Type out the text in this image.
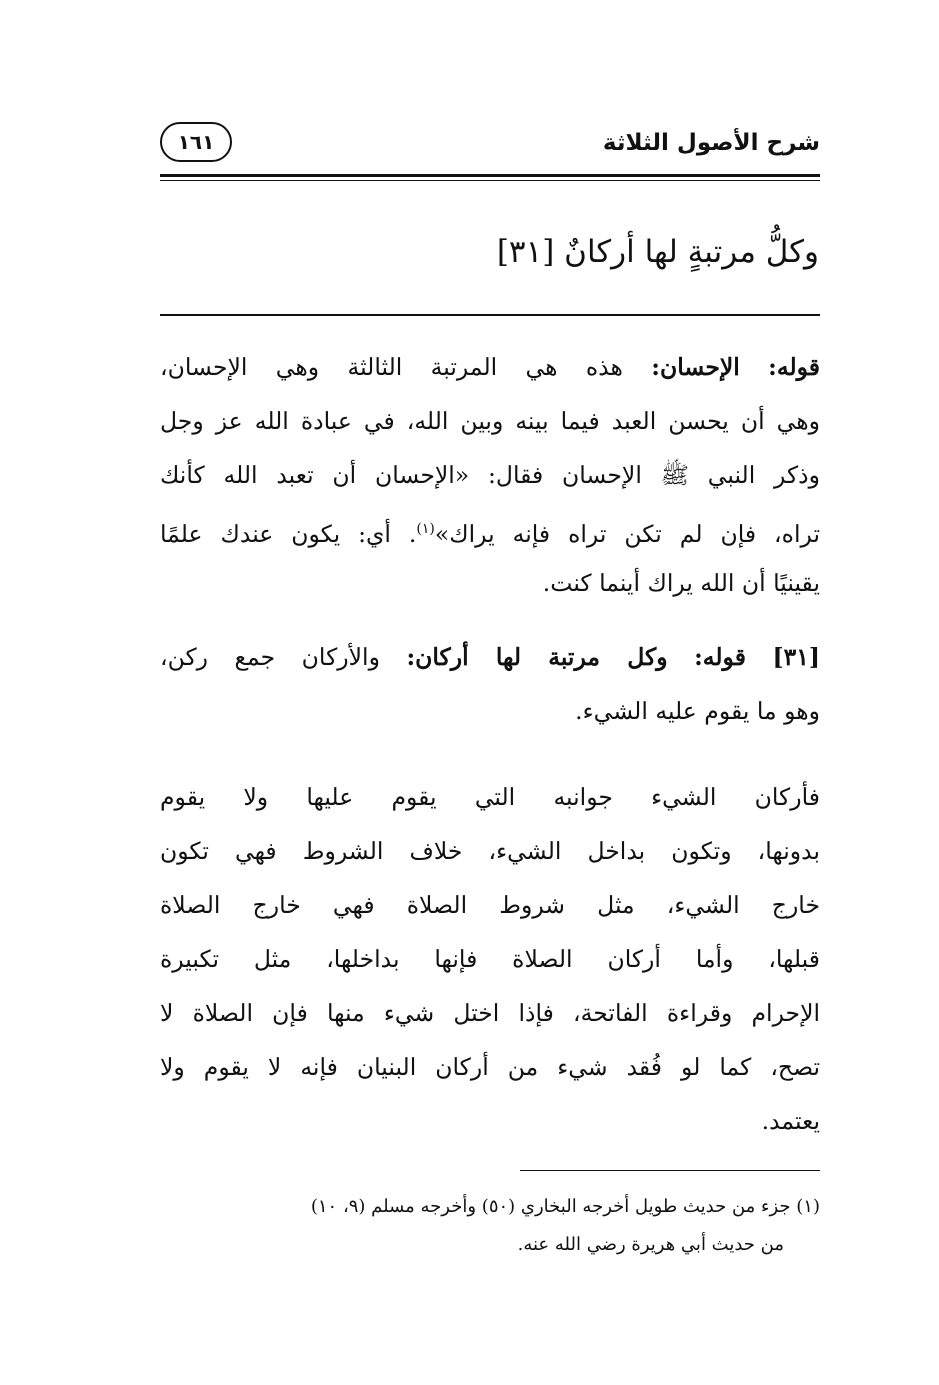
شرح الأصول الثلاثة
١٦١
وكلُّ مرتبةٍ لها أركانٌ [٣١]
قوله: الإحسان: هذه هي المرتبة الثالثة وهي الإحسان،
وهي أن يحسن العبد فيما بينه وبين الله، في عبادة الله عز وجل
وذكر النبي ﷺ الإحسان فقال: «الإحسان أن تعبد الله كأنك
تراه، فإن لم تكن تراه فإنه يراك»$^{(١)}$. أي: يكون عندك علمًا
يقينيًا أن الله يراك أينما كنت.
[٣١] قوله: وكل مرتبة لها أركان: والأركان جمع ركن،
وهو ما يقوم عليه الشيء.
فأركان الشيء جوانبه التي يقوم عليها ولا يقوم
بدونها، وتكون بداخل الشيء، خلاف الشروط فهي تكون
خارج الشيء، مثل شروط الصلاة فهي خارج الصلاة
قبلها، وأما أركان الصلاة فإنها بداخلها، مثل تكبيرة
الإحرام وقراءة الفاتحة، فإذا اختل شيء منها فإن الصلاة لا
تصح، كما لو فُقد شيء من أركان البنيان فإنه لا يقوم ولا
يعتمد.
(١) جزء من حديث طويل أخرجه البخاري (٥٠) وأخرجه مسلم (٩، ١٠)
من حديث أبي هريرة رضي الله عنه.
